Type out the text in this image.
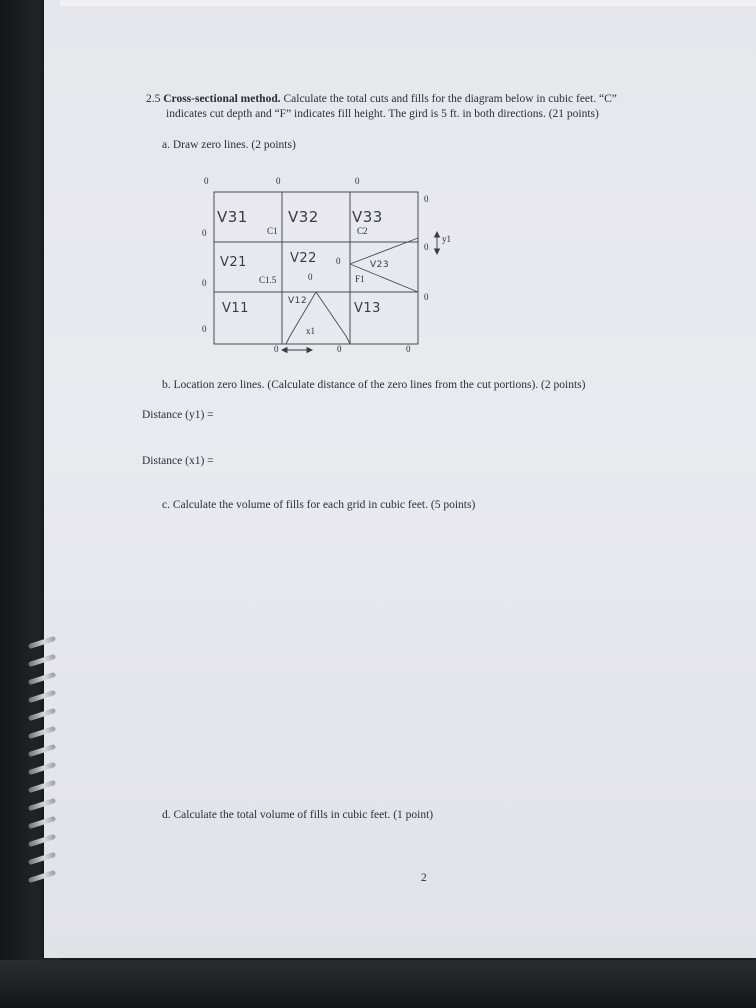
2.5 Cross-sectional method. Calculate the total cuts and fills for the diagram below in cubic feet. “C”
indicates cut depth and “F” indicates fill height. The gird is 5 ft. in both directions. (21 points)
a. Draw zero lines. (2 points)
0	0	0
0
0
0
0
0
y1
0
0	0	0
C1	C2
C1.5	0	F1
x1
0
V31	V32 V33
V21	V22	V23
V11	V12	V13
b. Location zero lines. (Calculate distance of the zero lines from the cut portions). (2 points)
Distance (y1) =
Distance (x1) =
c. Calculate the volume of fills for each grid in cubic feet. (5 points)
d. Calculate the total volume of fills in cubic feet. (1 point)
2
